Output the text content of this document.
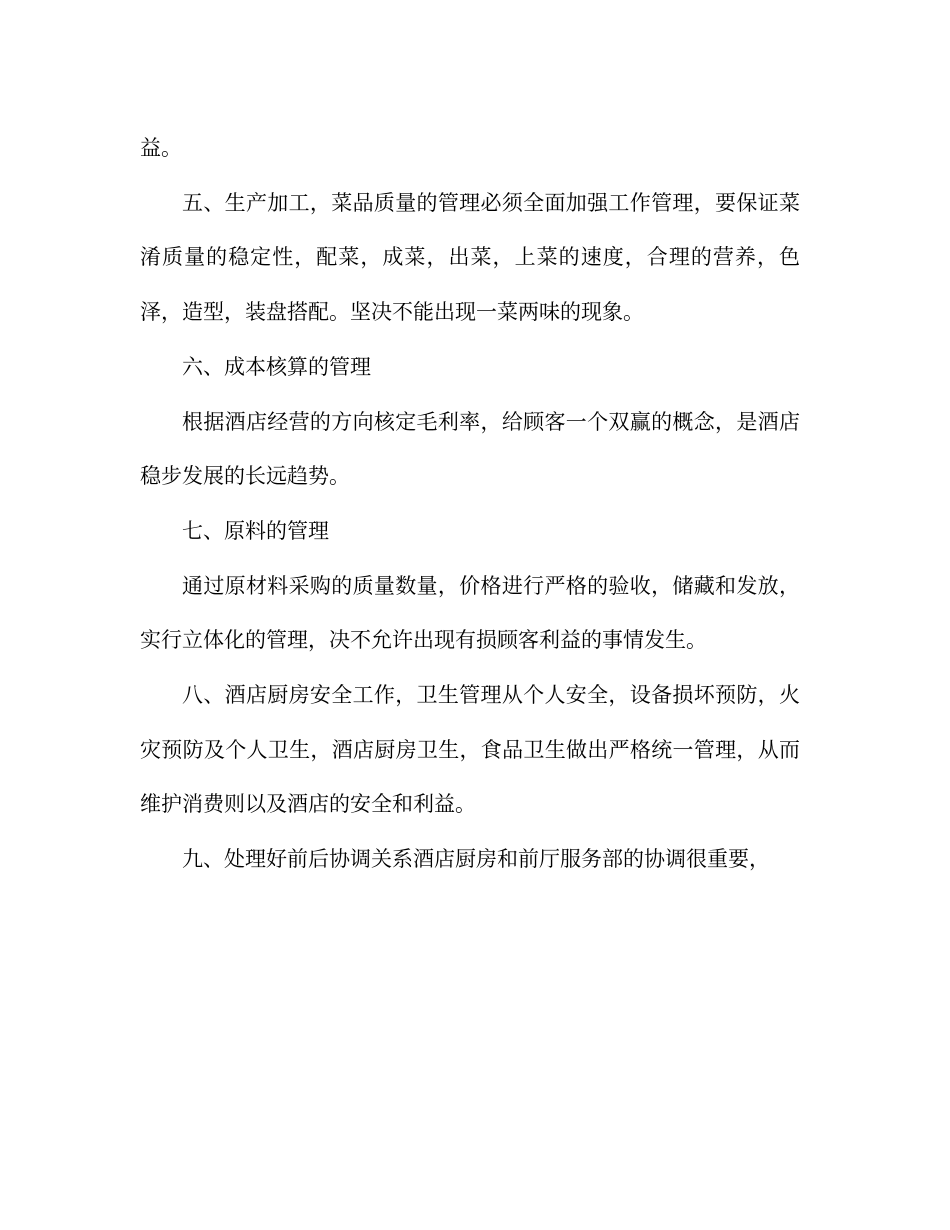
益。

五、生产加工，菜品质量的管理必须全面加强工作管理，要保证菜淆质量的稳定性，配菜，成菜，出菜，上菜的速度，合理的营养，色泽，造型，装盘搭配。坚决不能出现一菜两味的现象。

六、成本核算的管理

根据酒店经营的方向核定毛利率，给顾客一个双赢的概念，是酒店稳步发展的长远趋势。

七、原料的管理

通过原材料采购的质量数量，价格进行严格的验收，储藏和发放，实行立体化的管理，决不允许出现有损顾客利益的事情发生。

八、酒店厨房安全工作，卫生管理从个人安全，设备损坏预防，火灾预防及个人卫生，酒店厨房卫生，食品卫生做出严格统一管理，从而维护消费则以及酒店的安全和利益。

九、处理好前后协调关系酒店厨房和前厅服务部的协调很重要，
